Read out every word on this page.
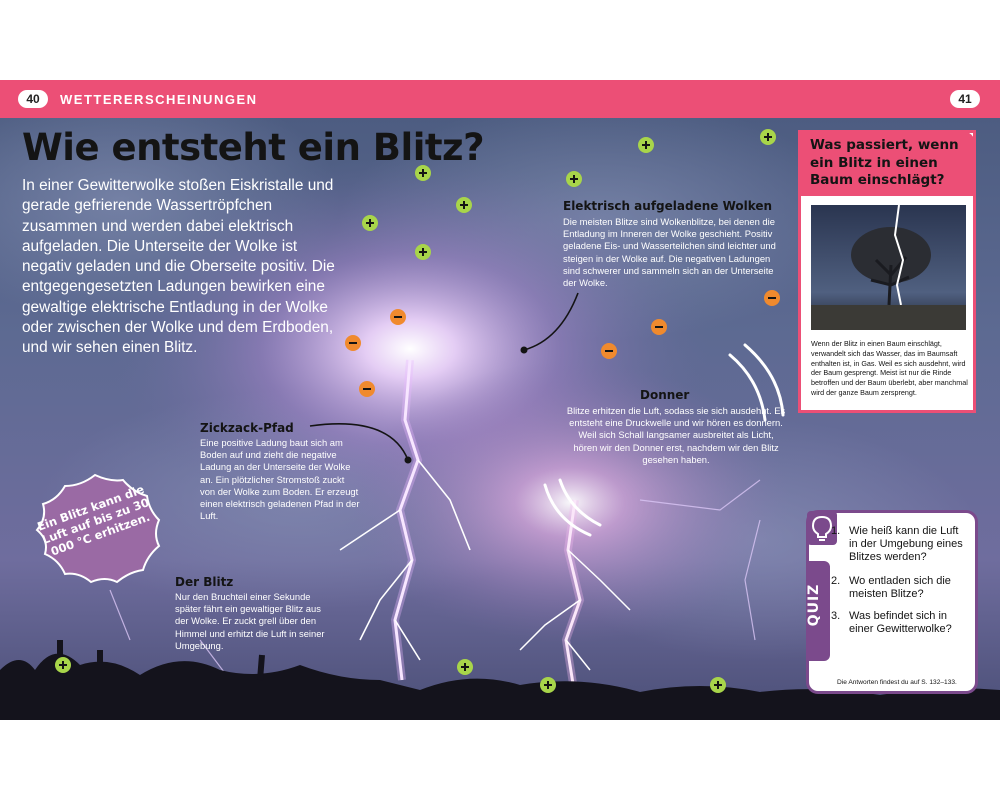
40	WETTERERSCHEINUNGEN	41
Wie entsteht ein Blitz?

In einer Gewitterwolke stoßen Eiskristalle und gerade gefrierende Wassertröpfchen zusammen und werden dabei elektrisch aufgeladen. Die Unterseite der Wolke ist negativ geladen und die Oberseite positiv. Die entgegengesetzten Ladungen bewirken eine gewaltige elektrische Entladung in der Wolke oder zwischen der Wolke und dem Erdboden, und wir sehen einen Blitz.

Elektrisch aufgeladene Wolken

Die meisten Blitze sind Wolkenblitze, bei denen die Entladung im Inneren der Wolke geschieht. Positiv geladene Eis- und Wasserteilchen sind leichter und steigen in der Wolke auf. Die negativen Ladungen sind schwerer und sammeln sich an der Unterseite der Wolke.

Zickzack-Pfad

Eine positive Ladung baut sich am Boden auf und zieht die negative Ladung an der Unterseite der Wolke an. Ein plötzlicher Stromstoß zuckt von der Wolke zum Boden. Er erzeugt einen elektrisch geladenen Pfad in der Luft.

Donner

Blitze erhitzen die Luft, sodass sie sich ausdehnt. Es entsteht eine Druckwelle und wir hören es donnern. Weil sich Schall langsamer ausbreitet als Licht, hören wir den Donner erst, nachdem wir den Blitz gesehen haben.

Der Blitz

Nur den Bruchteil einer Sekunde später fährt ein gewaltiger Blitz aus der Wolke. Er zuckt grell über den Himmel und erhitzt die Luft in seiner Umgebung.

Ein Blitz kann die Luft auf bis zu 30 000 °C erhitzen.
Was passiert, wenn ein Blitz in einen Baum einschlägt?

Wenn der Blitz in einen Baum einschlägt, verwandelt sich das Wasser, das im Baumsaft enthalten ist, in Gas. Weil es sich ausdehnt, wird der Baum gesprengt. Meist ist nur die Rinde betroffen und der Baum überlebt, aber manchmal wird der ganze Baum zersprengt.

QUIZ
1. Wie heiß kann die Luft in der Umgebung eines Blitzes werden?

2. Wo entladen sich die meisten Blitze?

3. Was befindet sich in einer Gewitterwolke?

Die Antworten findest du auf S. 132–133.
